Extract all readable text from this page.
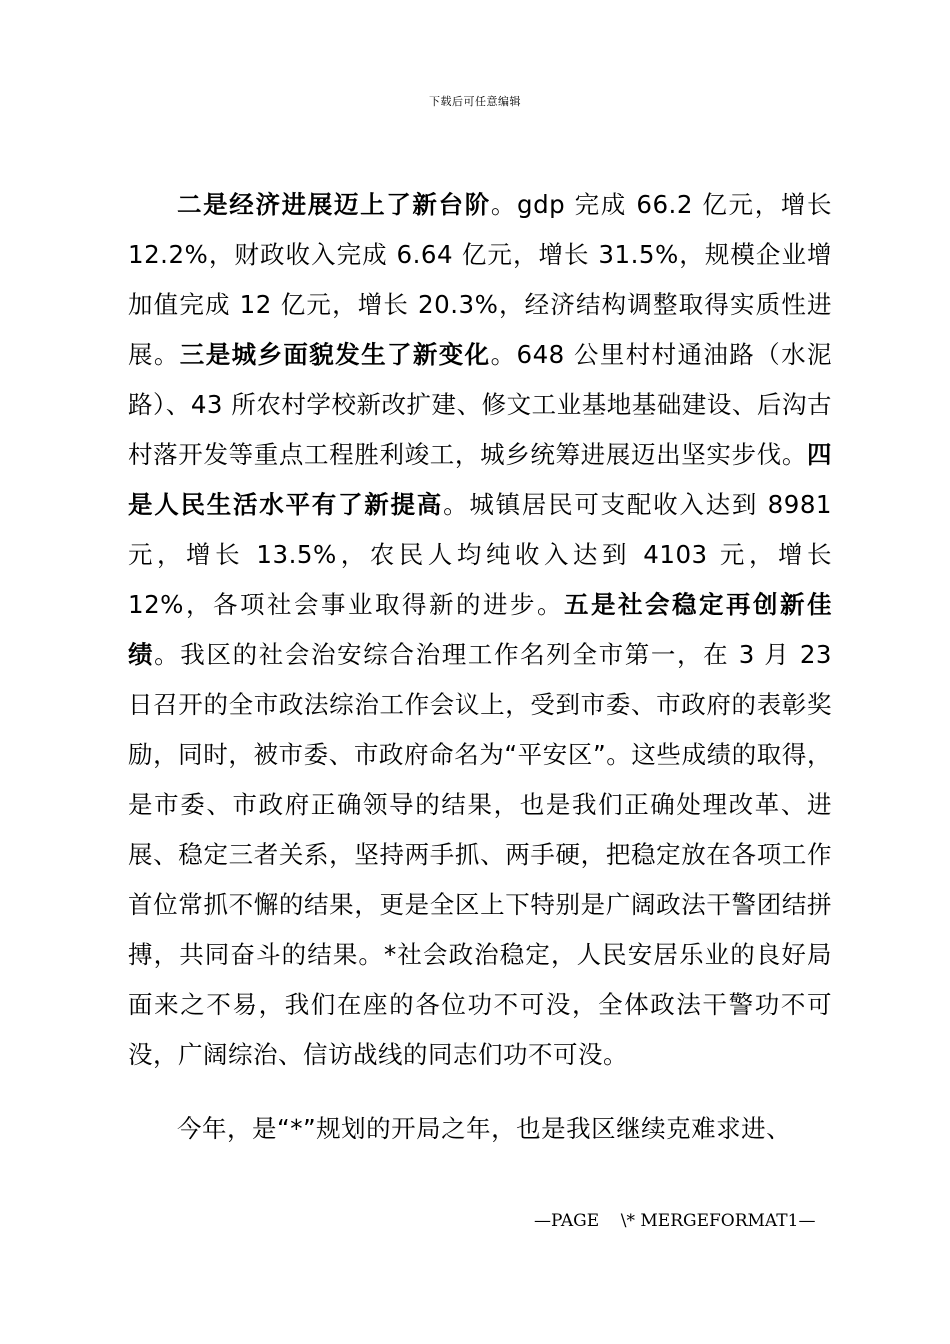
下载后可任意编辑

二是经济进展迈上了新台阶。gdp 完成 66.2 亿元，增长 12.2%，财政收入完成 6.64 亿元，增长 31.5%，规模企业增加值完成 12 亿元，增长 20.3%，经济结构调整取得实质性进展。三是城乡面貌发生了新变化。648 公里村村通油路（水泥路）、43 所农村学校新改扩建、修文工业基地基础建设、后沟古村落开发等重点工程胜利竣工，城乡统筹进展迈出坚实步伐。四是人民生活水平有了新提高。城镇居民可支配收入达到 8981 元，增长 13.5%，农民人均纯收入达到 4103 元，增长 12%，各项社会事业取得新的进步。五是社会稳定再创新佳绩。我区的社会治安综合治理工作名列全市第一，在 3 月 23 日召开的全市政法综治工作会议上，受到市委、市政府的表彰奖励，同时，被市委、市政府命名为“平安区”。这些成绩的取得，是市委、市政府正确领导的结果，也是我们正确处理改革、进展、稳定三者关系，坚持两手抓、两手硬，把稳定放在各项工作首位常抓不懈的结果，更是全区上下特别是广阔政法干警团结拼搏，共同奋斗的结果。*社会政治稳定，人民安居乐业的良好局面来之不易，我们在座的各位功不可没，全体政法干警功不可没，广阔综治、信访战线的同志们功不可没。

今年，是“*”规划的开局之年，也是我区继续克难求进、

—PAGE    \* MERGEFORMAT1—
